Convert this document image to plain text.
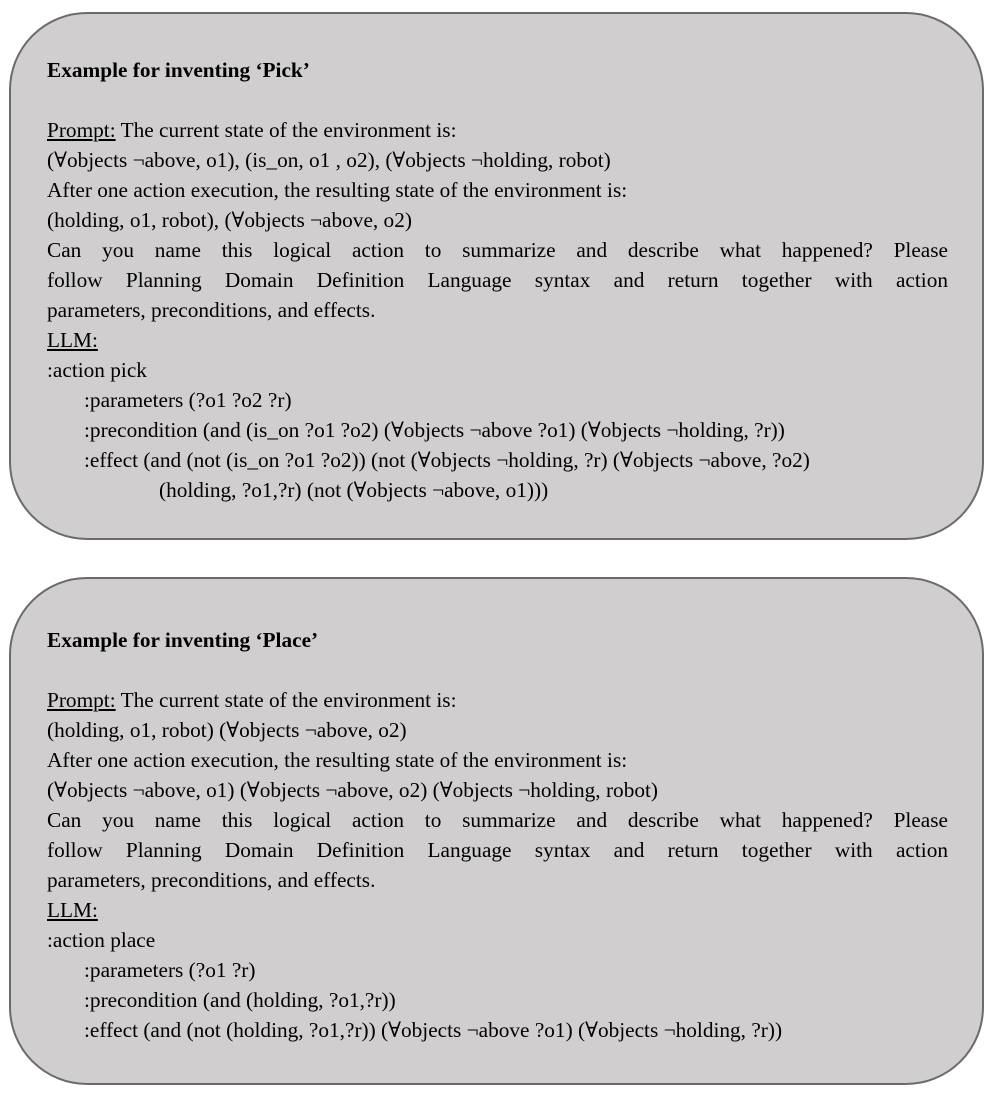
Example for inventing ‘Pick’
Prompt: The current state of the environment is:
(∀objects ¬above, o1), (is_on, o1 , o2), (∀objects ¬holding, robot)
After one action execution, the resulting state of the environment is:
(holding, o1, robot), (∀objects ¬above, o2)
Can you name this logical action to summarize and describe what happened? Please
follow Planning Domain Definition Language syntax and return together with action
parameters, preconditions, and effects.
LLM:
:action pick
:parameters (?o1 ?o2 ?r)
:precondition (and (is_on ?o1 ?o2) (∀objects ¬above ?o1) (∀objects ¬holding, ?r))
:effect (and (not (is_on ?o1 ?o2)) (not (∀objects ¬holding, ?r) (∀objects ¬above, ?o2)
(holding, ?o1,?r) (not (∀objects ¬above, o1)))
Example for inventing ‘Place’
Prompt: The current state of the environment is:
(holding, o1, robot) (∀objects ¬above, o2)
After one action execution, the resulting state of the environment is:
(∀objects ¬above, o1) (∀objects ¬above, o2) (∀objects ¬holding, robot)
Can you name this logical action to summarize and describe what happened? Please
follow Planning Domain Definition Language syntax and return together with action
parameters, preconditions, and effects.
LLM:
:action place
:parameters (?o1 ?r)
:precondition (and (holding, ?o1,?r))
:effect (and (not (holding, ?o1,?r)) (∀objects ¬above ?o1) (∀objects ¬holding, ?r))
